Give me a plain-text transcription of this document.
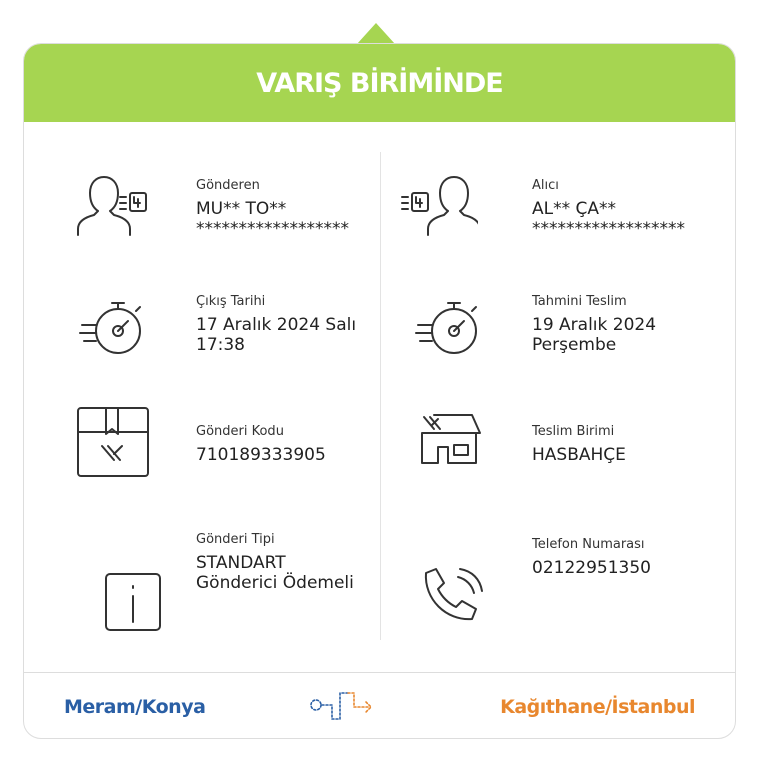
VARIŞ BİRİMİNDE
Gönderen
MU** TO**
******************
Çıkış Tarihi
17 Aralık 2024 Salı
17:38
Gönderi Kodu
710189333905
Gönderi Tipi
STANDART
Gönderici Ödemeli
Alıcı
AL** ÇA**
******************
Tahmini Teslim
19 Aralık 2024
Perşembe
Teslim Birimi
HASBAHÇE
Telefon Numarası
02122951350
Meram/Konya	Kağıthane/İstanbul
